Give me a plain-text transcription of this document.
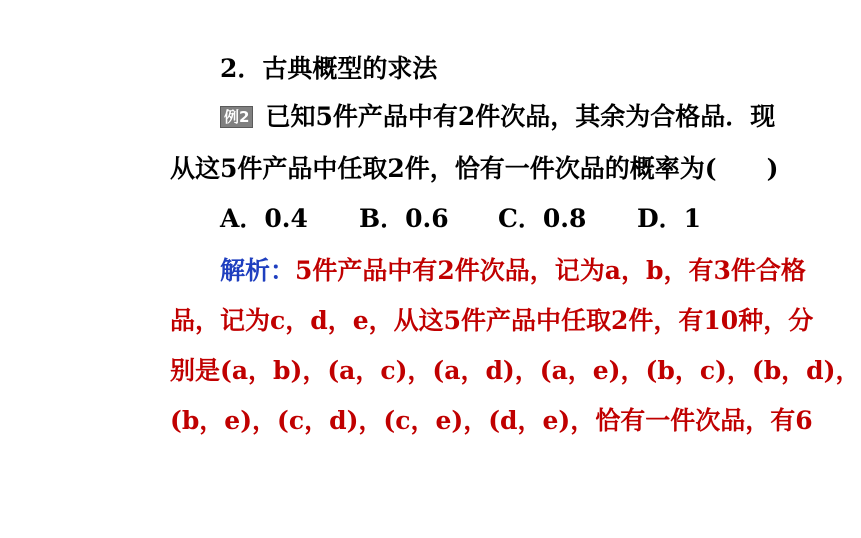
2．古典概型的求法
例2 已知5件产品中有2件次品，其余为合格品．现
从这5件产品中任取2件，恰有一件次品的概率为(　　)
A．0.4 B．0.6 C．0.8 D．1
解析：5件产品中有2件次品，记为a，b，有3件合格
品，记为c，d，e，从这5件产品中任取2件，有10种，分
别是(a，b)，(a，c)，(a，d)，(a，e)，(b，c)，(b，d)，
(b，e)，(c，d)，(c，e)，(d，e)，恰有一件次品，有6
